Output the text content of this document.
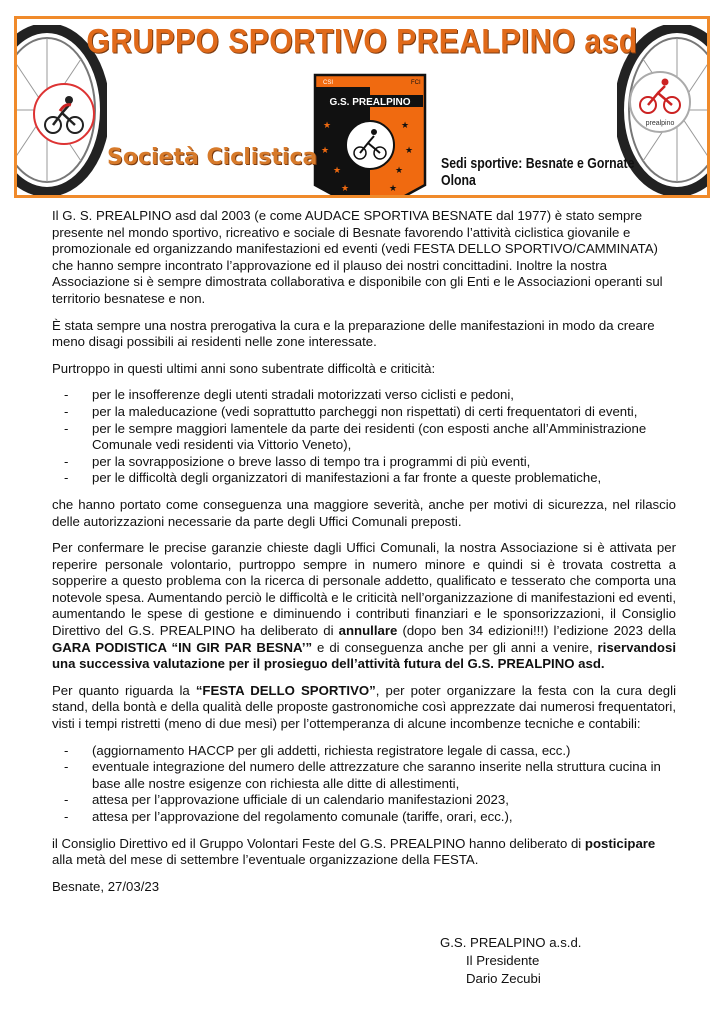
prealpino
GRUPPO SPORTIVO PREALPINO asd
G.S. PREALPINO
CSI	FCI
★
★
★
★
★
★
★
★
2003
Società Ciclistica	Sedi sportive: Besnate e Gornate Olona

Il G. S. PREALPINO asd dal 2003 (e come AUDACE SPORTIVA BESNATE dal 1977) è stato sempre presente nel mondo sportivo, ricreativo e sociale di Besnate favorendo l’attività ciclistica giovanile e promozionale ed organizzando manifestazioni ed eventi (vedi FESTA DELLO SPORTIVO/CAMMINATA) che hanno sempre incontrato l’approvazione ed il plauso dei nostri concittadini. Inoltre la nostra Associazione si è sempre dimostrata collaborativa e disponibile con gli Enti e le Associazioni operanti sul territorio besnatese e non.

È stata sempre una nostra prerogativa la cura e la preparazione delle manifestazioni in modo da creare meno disagi possibili ai residenti nelle zone interessate.

Purtroppo in questi ultimi anni sono subentrate difficoltà e criticità:

- per le insofferenze degli utenti stradali motorizzati verso ciclisti e pedoni,
- per la maleducazione (vedi soprattutto parcheggi non rispettati) di certi frequentatori di eventi,
- per le sempre maggiori lamentele da parte dei residenti (con esposti anche all’Amministrazione Comunale vedi residenti via Vittorio Veneto),
- per la sovrapposizione o breve lasso di tempo tra i programmi di più eventi,
- per le difficoltà degli organizzatori di manifestazioni a far fronte a queste problematiche,

che hanno portato come conseguenza una maggiore severità, anche per motivi di sicurezza, nel rilascio delle autorizzazioni necessarie da parte degli Uffici Comunali preposti.

Per confermare le precise garanzie chieste dagli Uffici Comunali, la nostra Associazione si è attivata per reperire personale volontario, purtroppo sempre in numero minore e quindi si è trovata costretta a sopperire a questo problema con la ricerca di personale addetto, qualificato e tesserato che comporta una notevole spesa. Aumentando perciò le difficoltà e le criticità nell’organizzazione di manifestazioni ed eventi, aumentando le spese di gestione e diminuendo i contributi finanziari e le sponsorizzazioni, il Consiglio Direttivo del G.S. PREALPINO ha deliberato di annullare (dopo ben 34 edizioni!!!) l’edizione 2023 della GARA PODISTICA “IN GIR PAR BESNA’” e di conseguenza anche per gli anni a venire, riservandosi una successiva valutazione per il prosieguo dell’attività futura del G.S. PREALPINO asd.

Per quanto riguarda la “FESTA DELLO SPORTIVO”, per poter organizzare la festa con la cura degli stand, della bontà e della qualità delle proposte gastronomiche così apprezzate dai numerosi frequentatori, visti i tempi ristretti (meno di due mesi) per l’ottemperanza di alcune incombenze tecniche e contabili:

- (aggiornamento HACCP per gli addetti, richiesta registratore legale di cassa, ecc.)
- eventuale integrazione del numero delle attrezzature che saranno inserite nella struttura cucina in base alle nostre esigenze con richiesta alle ditte di allestimenti,
- attesa per l’approvazione ufficiale di un calendario manifestazioni 2023,
- attesa per l’approvazione del regolamento comunale (tariffe, orari, ecc.),

il Consiglio Direttivo ed il Gruppo Volontari Feste del G.S. PREALPINO hanno deliberato di posticipare alla metà del mese di settembre l’eventuale organizzazione della FESTA.

Besnate, 27/03/23

G.S. PREALPINO a.s.d.
Il Presidente
Dario Zecubi
